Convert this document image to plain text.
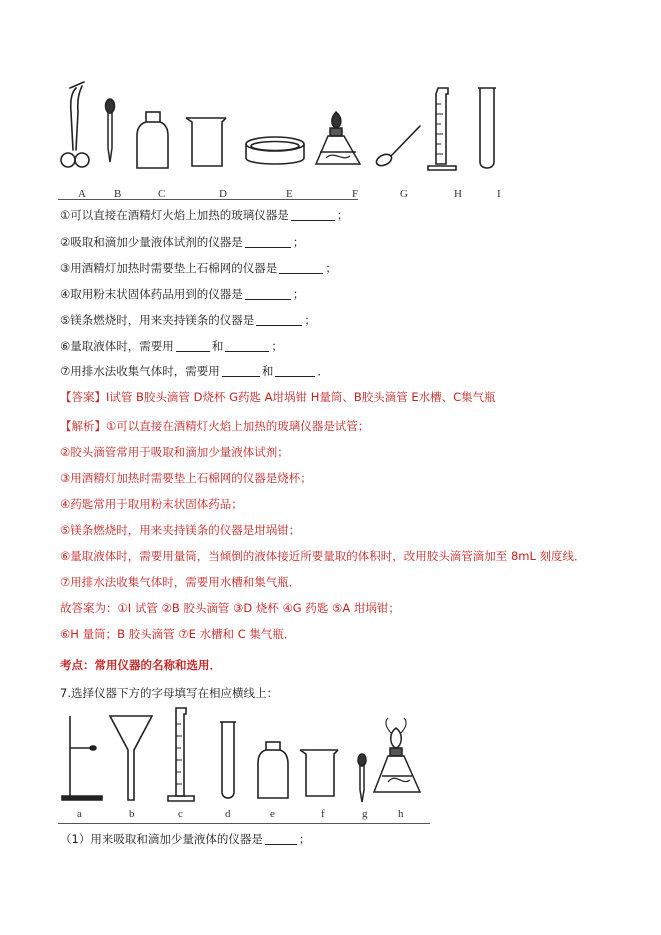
A	B	C	D	E	F	G	H	I
①可以直接在酒精灯火焰上加热的玻璃仪器是	；
②吸取和滴加少量液体试剂的仪器是	；
③用酒精灯加热时需要垫上石棉网的仪器是	；
④取用粉末状固体药品用到的仪器是	；
⑤镁条燃烧时，用来夹持镁条的仪器是	；
⑥量取液体时，需要用	和	；
⑦用排水法收集气体时，需要用	和	．
【答案】I试管 B胶头滴管 D烧杯 G药匙 A坩埚钳 H量筒、B胶头滴管 E水槽、C集气瓶
【解析】①可以直接在酒精灯火焰上加热的玻璃仪器是试管；
②胶头滴管常用于吸取和滴加少量液体试剂；
③用酒精灯加热时需要垫上石棉网的仪器是烧杯；
④药匙常用于取用粉末状固体药品；
⑤镁条燃烧时，用来夹持镁条的仪器是坩埚钳；
⑥量取液体时，需要用量筒，当倾倒的液体接近所要量取的体积时，改用胶头滴管滴加至 8mL 刻度线．
⑦用排水法收集气体时，需要用水槽和集气瓶．
故答案为：①I 试管 ②B 胶头滴管 ③D 烧杯 ④G 药匙 ⑤A 坩埚钳；
⑥H 量筒；B 胶头滴管 ⑦E 水槽和 C 集气瓶．
考点：常用仪器的名称和选用．
7.选择仪器下方的字母填写在相应横线上：
a	b	c	d	e	f	g	h
（1）用来吸取和滴加少量液体的仪器是	；
